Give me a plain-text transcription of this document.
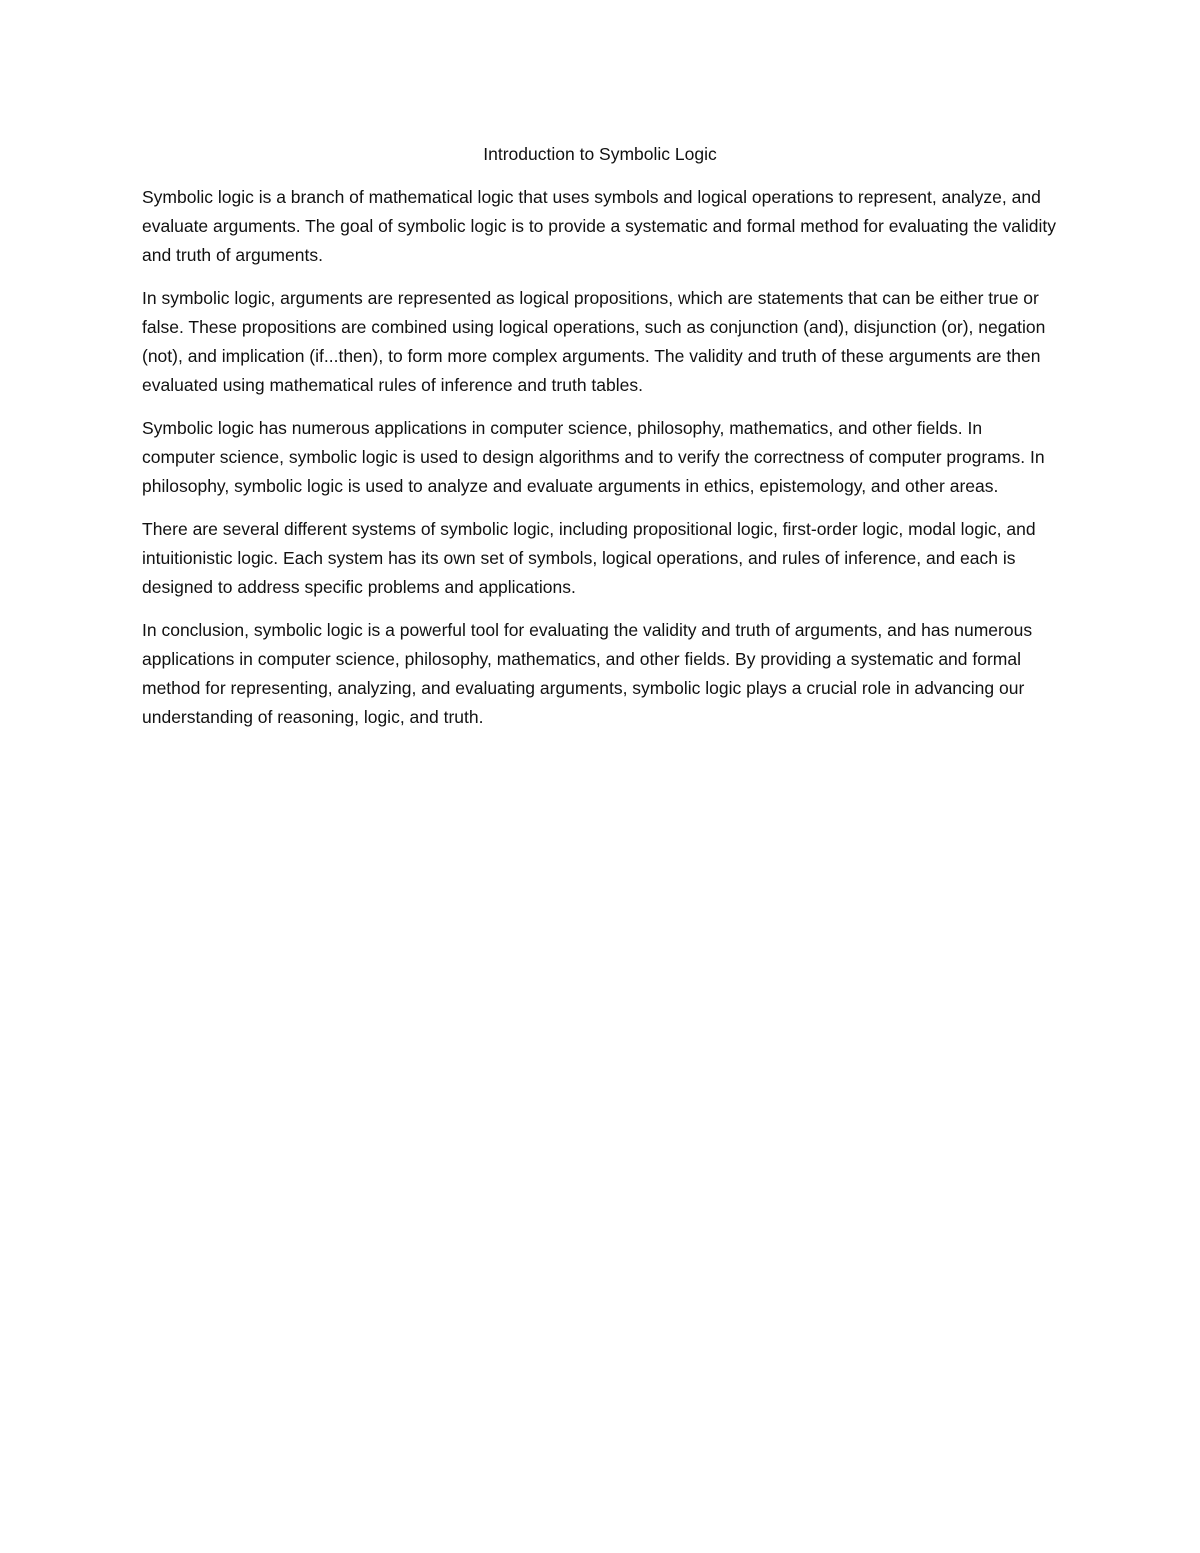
Introduction to Symbolic Logic

Symbolic logic is a branch of mathematical logic that uses symbols and logical operations to represent, analyze, and evaluate arguments. The goal of symbolic logic is to provide a systematic and formal method for evaluating the validity and truth of arguments.

In symbolic logic, arguments are represented as logical propositions, which are statements that can be either true or false. These propositions are combined using logical operations, such as conjunction (and), disjunction (or), negation (not), and implication (if...then), to form more complex arguments. The validity and truth of these arguments are then evaluated using mathematical rules of inference and truth tables.

Symbolic logic has numerous applications in computer science, philosophy, mathematics, and other fields. In computer science, symbolic logic is used to design algorithms and to verify the correctness of computer programs. In philosophy, symbolic logic is used to analyze and evaluate arguments in ethics, epistemology, and other areas.

There are several different systems of symbolic logic, including propositional logic, first-order logic, modal logic, and intuitionistic logic. Each system has its own set of symbols, logical operations, and rules of inference, and each is designed to address specific problems and applications.

In conclusion, symbolic logic is a powerful tool for evaluating the validity and truth of arguments, and has numerous applications in computer science, philosophy, mathematics, and other fields. By providing a systematic and formal method for representing, analyzing, and evaluating arguments, symbolic logic plays a crucial role in advancing our understanding of reasoning, logic, and truth.
